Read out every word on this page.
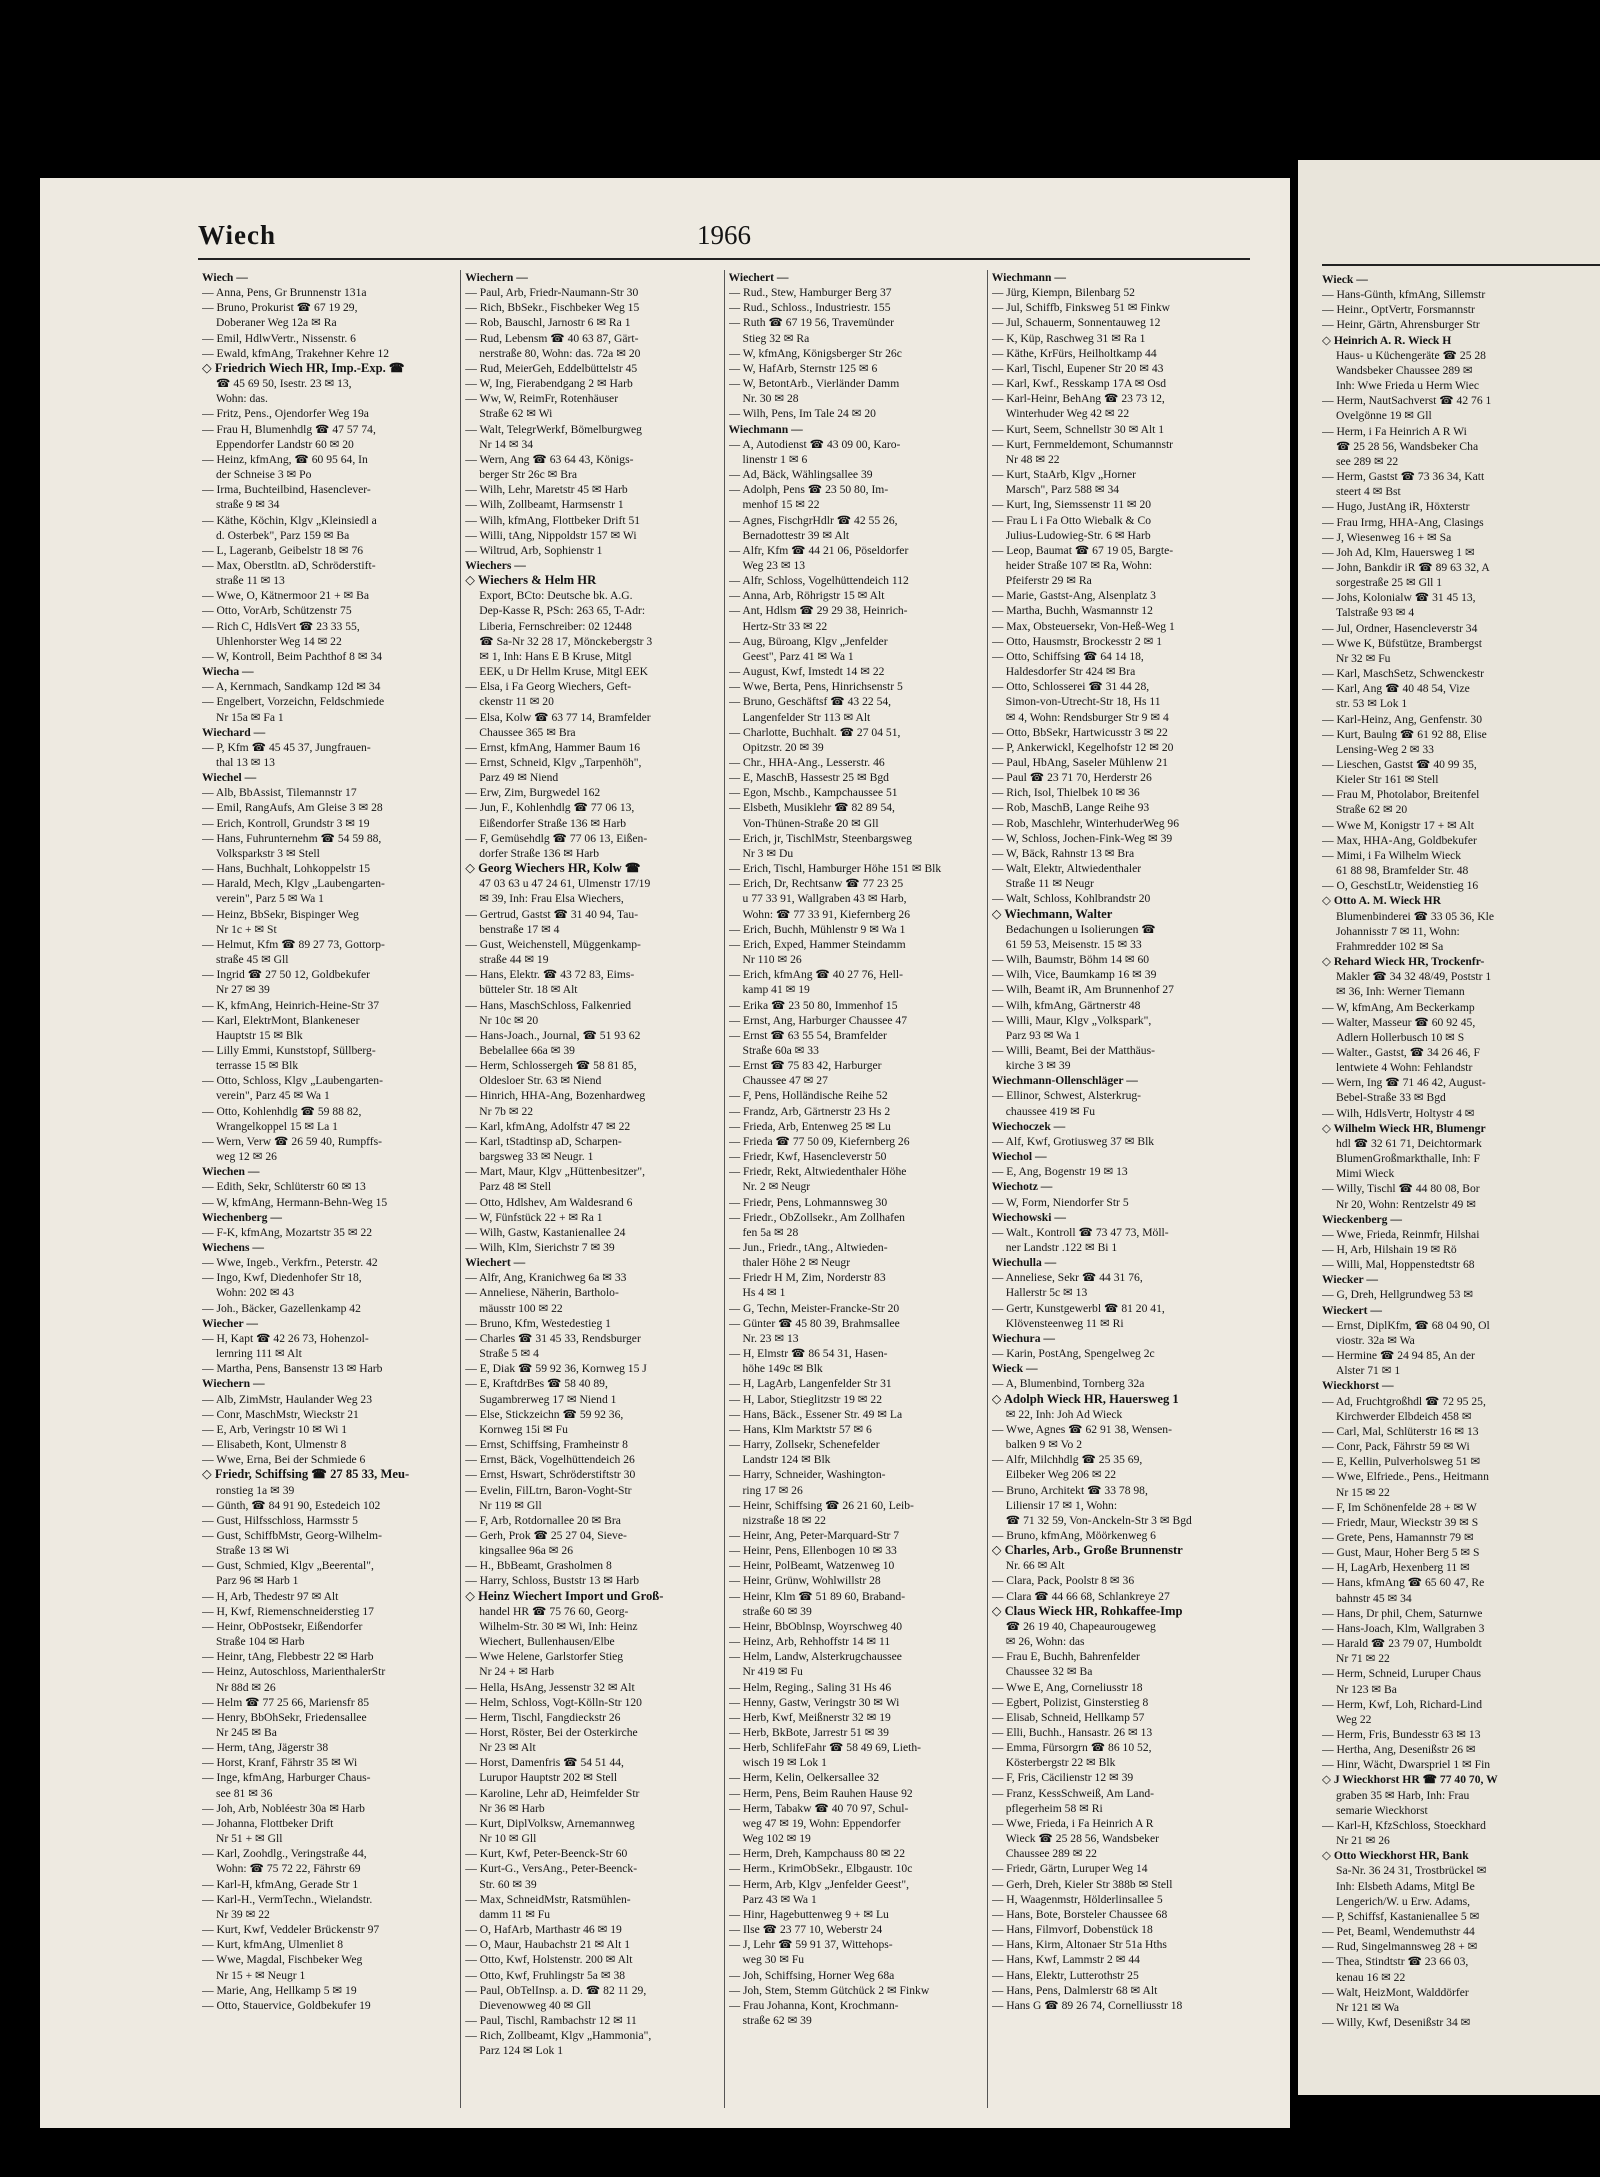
Wiech	1966
Wiech —
— Anna, Pens, Gr Brunnenstr 131a
— Bruno, Prokurist ☎ 67 19 29,
Doberaner Weg 12a ✉ Ra
— Emil, HdlwVertr., Nissenstr. 6
— Ewald, kfmAng, Trakehner Kehre 12
◇ Friedrich Wiech HR, Imp.-Exp. ☎
☎ 45 69 50, Isestr. 23 ✉ 13,
Wohn: das.
— Fritz, Pens., Ojendorfer Weg 19a
— Frau H, Blumenhdlg ☎ 47 57 74,
Eppendorfer Landstr 60 ✉ 20
— Heinz, kfmAng, ☎ 60 95 64, In
der Schneise 3 ✉ Po
— Irma, Buchteilbind, Hasenclever-
straße 9 ✉ 34
— Käthe, Köchin, Klgv „Kleinsiedl a
d. Osterbek", Parz 159 ✉ Ba
— L, Lageranb, Geibelstr 18 ✉ 76
— Max, Oberstltn. aD, Schröderstift-
straße 11 ✉ 13
— Wwe, O, Kätnermoor 21 + ✉ Ba
— Otto, VorArb, Schützenstr 75
— Rich C, HdlsVert ☎ 23 33 55,
Uhlenhorster Weg 14 ✉ 22
— W, Kontroll, Beim Pachthof 8 ✉ 34
Wiecha —
— A, Kernmach, Sandkamp 12d ✉ 34
— Engelbert, Vorzeichn, Feldschmiede
Nr 15a ✉ Fa 1
Wiechard —
— P, Kfm ☎ 45 45 37, Jungfrauen-
thal 13 ✉ 13
Wiechel —
— Alb, BbAssist, Tilemannstr 17
— Emil, RangAufs, Am Gleise 3 ✉ 28
— Erich, Kontroll, Grundstr 3 ✉ 19
— Hans, Fuhrunternehm ☎ 54 59 88,
Volksparkstr 3 ✉ Stell
— Hans, Buchhalt, Lohkoppelstr 15
— Harald, Mech, Klgv „Laubengarten-
verein", Parz 5 ✉ Wa 1
— Heinz, BbSekr, Bispinger Weg
Nr 1c + ✉ St
— Helmut, Kfm ☎ 89 27 73, Gottorp-
straße 45 ✉ Gll
— Ingrid ☎ 27 50 12, Goldbekufer
Nr 27 ✉ 39
— K, kfmAng, Heinrich-Heine-Str 37
— Karl, ElektrMont, Blankeneser
Hauptstr 15 ✉ Blk
— Lilly Emmi, Kunststopf, Süllberg-
terrasse 15 ✉ Blk
— Otto, Schloss, Klgv „Laubengarten-
verein", Parz 45 ✉ Wa 1
— Otto, Kohlenhdlg ☎ 59 88 82,
Wrangelkoppel 15 ✉ La 1
— Wern, Verw ☎ 26 59 40, Rumpffs-
weg 12 ✉ 26
Wiechen —
— Edith, Sekr, Schlüterstr 60 ✉ 13
— W, kfmAng, Hermann-Behn-Weg 15
Wiechenberg —
— F-K, kfmAng, Mozartstr 35 ✉ 22
Wiechens —
— Wwe, Ingeb., Verkfrn., Peterstr. 42
— Ingo, Kwf, Diedenhofer Str 18,
Wohn: 202 ✉ 43
— Joh., Bäcker, Gazellenkamp 42
Wiecher —
— H, Kapt ☎ 42 26 73, Hohenzol-
lernring 111 ✉ Alt
— Martha, Pens, Bansenstr 13 ✉ Harb
Wiechern —
— Alb, ZimMstr, Haulander Weg 23
— Conr, MaschMstr, Wieckstr 21
— E, Arb, Veringstr 10 ✉ Wi 1
— Elisabeth, Kont, Ulmenstr 8
— Wwe, Erna, Bei der Schmiede 6
◇ Friedr, Schiffsing ☎ 27 85 33, Meu-
ronstieg 1a ✉ 39
— Günth, ☎ 84 91 90, Estedeich 102
— Gust, Hilfsschloss, Harmsstr 5
— Gust, SchiffbMstr, Georg-Wilhelm-
Straße 13 ✉ Wi
— Gust, Schmied, Klgv „Beerental",
Parz 96 ✉ Harb 1
— H, Arb, Thedestr 97 ✉ Alt
— H, Kwf, Riemenschneiderstieg 17
— Heinr, ObPostsekr, Eißendorfer
Straße 104 ✉ Harb
— Heinr, tAng, Flebbestr 22 ✉ Harb
— Heinz, Autoschloss, MarienthalerStr
Nr 88d ✉ 26
— Helm ☎ 77 25 66, Mariensfr 85
— Henry, BbOhSekr, Friedensallee
Nr 245 ✉ Ba
— Herm, tAng, Jägerstr 38
— Horst, Kranf, Fährstr 35 ✉ Wi
— Inge, kfmAng, Harburger Chaus-
see 81 ✉ 36
— Joh, Arb, Nobléestr 30a ✉ Harb
— Johanna, Flottbeker Drift
Nr 51 + ✉ Gll
— Karl, Zoohdlg., Veringstraße 44,
Wohn: ☎ 75 72 22, Fährstr 69
— Karl-H, kfmAng, Gerade Str 1
— Karl-H., VermTechn., Wielandstr.
Nr 39 ✉ 22
— Kurt, Kwf, Veddeler Brückenstr 97
— Kurt, kfmAng, Ulmenliet 8
— Wwe, Magdal, Fischbeker Weg
Nr 15 + ✉ Neugr 1
— Marie, Ang, Hellkamp 5 ✉ 19
— Otto, Stauervice, Goldbekufer 19
Wiechern —
— Paul, Arb, Friedr-Naumann-Str 30
— Rich, BbSekr., Fischbeker Weg 15
— Rob, Bauschl, Jarnostr 6 ✉ Ra 1
— Rud, Lebensm ☎ 40 63 87, Gärt-
nerstraße 80, Wohn: das. 72a ✉ 20
— Rud, MeierGeh, Eddelbüttelstr 45
— W, Ing, Fierabendgang 2 ✉ Harb
— Ww, W, ReimFr, Rotenhäuser
Straße 62 ✉ Wi
— Walt, TelegrWerkf, Bömelburgweg
Nr 14 ✉ 34
— Wern, Ang ☎ 63 64 43, Königs-
berger Str 26c ✉ Bra
— Wilh, Lehr, Maretstr 45 ✉ Harb
— Wilh, Zollbeamt, Harmsenstr 1
— Wilh, kfmAng, Flottbeker Drift 51
— Willi, tAng, Nippoldstr 157 ✉ Wi
— Wiltrud, Arb, Sophienstr 1
Wiechers —
◇ Wiechers & Helm HR
Export, BCto: Deutsche bk. A.G.
Dep-Kasse R, PSch: 263 65, T-Adr:
Liberia, Fernschreiber: 02 12448
☎ Sa-Nr 32 28 17, Mönckebergstr 3
✉ 1, Inh: Hans E B Kruse, Mitgl
EEK, u Dr Hellm Kruse, Mitgl EEK
— Elsa, i Fa Georg Wiechers, Geft-
ckenstr 11 ✉ 20
— Elsa, Kolw ☎ 63 77 14, Bramfelder
Chaussee 365 ✉ Bra
— Ernst, kfmAng, Hammer Baum 16
— Ernst, Schneid, Klgv „Tarpenhöh",
Parz 49 ✉ Niend
— Erw, Zim, Burgwedel 162
— Jun, F., Kohlenhdlg ☎ 77 06 13,
Eißendorfer Straße 136 ✉ Harb
— F, Gemüsehdlg ☎ 77 06 13, Eißen-
dorfer Straße 136 ✉ Harb
◇ Georg Wiechers HR, Kolw ☎
47 03 63 u 47 24 61, Ulmenstr 17/19
✉ 39, Inh: Frau Elsa Wiechers,
— Gertrud, Gastst ☎ 31 40 94, Tau-
benstraße 17 ✉ 4
— Gust, Weichenstell, Müggenkamp-
straße 44 ✉ 19
— Hans, Elektr. ☎ 43 72 83, Eims-
bütteler Str. 18 ✉ Alt
— Hans, MaschSchloss, Falkenried
Nr 10c ✉ 20
— Hans-Joach., Journal, ☎ 51 93 62
Bebelallee 66a ✉ 39
— Herm, Schlossergeh ☎ 58 81 85,
Oldesloer Str. 63 ✉ Niend
— Hinrich, HHA-Ang, Bozenhardweg
Nr 7b ✉ 22
— Karl, kfmAng, Adolfstr 47 ✉ 22
— Karl, tStadtinsp aD, Scharpen-
bargsweg 33 ✉ Neugr. 1
— Mart, Maur, Klgv „Hüttenbesitzer",
Parz 48 ✉ Stell
— Otto, Hdlshev, Am Waldesrand 6
— W, Fünfstück 22 + ✉ Ra 1
— Wilh, Gastw, Kastanienallee 24
— Wilh, Klm, Sierichstr 7 ✉ 39
Wiechert —
— Alfr, Ang, Kranichweg 6a ✉ 33
— Anneliese, Näherin, Bartholo-
mäusstr 100 ✉ 22
— Bruno, Kfm, Westedestieg 1
— Charles ☎ 31 45 33, Rendsburger
Straße 5 ✉ 4
— E, Diak ☎ 59 92 36, Kornweg 15 J
— E, KraftdrBes ☎ 58 40 89,
Sugambrerweg 17 ✉ Niend 1
— Else, Stickzeichn ☎ 59 92 36,
Kornweg 15i ✉ Fu
— Ernst, Schiffsing, Framheinstr 8
— Ernst, Bäck, Vogelhüttendeich 26
— Ernst, Hswart, Schröderstiftstr 30
— Evelin, FilLtrn, Baron-Voght-Str
Nr 119 ✉ Gll
— F, Arb, Rotdornallee 20 ✉ Bra
— Gerh, Prok ☎ 25 27 04, Sieve-
kingsallee 96a ✉ 26
— H., BbBeamt, Grasholmen 8
— Harry, Schloss, Buststr 13 ✉ Harb
◇ Heinz Wiechert Import und Groß-
handel HR ☎ 75 76 60, Georg-
Wilhelm-Str. 30 ✉ Wi, Inh: Heinz
Wiechert, Bullenhausen/Elbe
— Wwe Helene, Garlstorfer Stieg
Nr 24 + ✉ Harb
— Hella, HsAng, Jessenstr 32 ✉ Alt
— Helm, Schloss, Vogt-Kölln-Str 120
— Herm, Tischl, Fangdieckstr 26
— Horst, Röster, Bei der Osterkirche
Nr 23 ✉ Alt
— Horst, Damenfris ☎ 54 51 44,
Lurupor Hauptstr 202 ✉ Stell
— Karoline, Lehr aD, Heimfelder Str
Nr 36 ✉ Harb
— Kurt, DiplVolksw, Arnemannweg
Nr 10 ✉ Gll
— Kurt, Kwf, Peter-Beenck-Str 60
— Kurt-G., VersAng., Peter-Beenck-
Str. 60 ✉ 39
— Max, SchneidMstr, Ratsmühlen-
damm 11 ✉ Fu
— O, HafArb, Marthastr 46 ✉ 19
— O, Maur, Haubachstr 21 ✉ Alt 1
— Otto, Kwf, Holstenstr. 200 ✉ Alt
— Otto, Kwf, Fruhlingstr 5a ✉ 38
— Paul, ObTelInsp. a. D. ☎ 82 11 29,
Dievenowweg 40 ✉ Gll
— Paul, Tischl, Rambachstr 12 ✉ 11
— Rich, Zollbeamt, Klgv „Hammonia",
Parz 124 ✉ Lok 1
Wiechert —
— Rud., Stew, Hamburger Berg 37
— Rud., Schloss., Industriestr. 155
— Ruth ☎ 67 19 56, Travemünder
Stieg 32 ✉ Ra
— W, kfmAng, Königsberger Str 26c
— W, HafArb, Sternstr 125 ✉ 6
— W, BetontArb., Vierländer Damm
Nr. 30 ✉ 28
— Wilh, Pens, Im Tale 24 ✉ 20
Wiechmann —
— A, Autodienst ☎ 43 09 00, Karo-
linenstr 1 ✉ 6
— Ad, Bäck, Wählingsallee 39
— Adolph, Pens ☎ 23 50 80, Im-
menhof 15 ✉ 22
— Agnes, FischgrHdlr ☎ 42 55 26,
Bernadottestr 39 ✉ Alt
— Alfr, Kfm ☎ 44 21 06, Pöseldorfer
Weg 23 ✉ 13
— Alfr, Schloss, Vogelhüttendeich 112
— Anna, Arb, Röhrigstr 15 ✉ Alt
— Ant, Hdlsm ☎ 29 29 38, Heinrich-
Hertz-Str 33 ✉ 22
— Aug, Büroang, Klgv „Jenfelder
Geest", Parz 41 ✉ Wa 1
— August, Kwf, Imstedt 14 ✉ 22
— Wwe, Berta, Pens, Hinrichsenstr 5
— Bruno, Geschäftsf ☎ 43 22 54,
Langenfelder Str 113 ✉ Alt
— Charlotte, Buchhalt. ☎ 27 04 51,
Opitzstr. 20 ✉ 39
— Chr., HHA-Ang., Lesserstr. 46
— E, MaschB, Hassestr 25 ✉ Bgd
— Egon, Mschb., Kampchaussee 51
— Elsbeth, Musiklehr ☎ 82 89 54,
Von-Thünen-Straße 20 ✉ Gll
— Erich, jr, TischlMstr, Steenbargsweg
Nr 3 ✉ Du
— Erich, Tischl, Hamburger Höhe 151 ✉ Blk
— Erich, Dr, Rechtsanw ☎ 77 23 25
u 77 33 91, Wallgraben 43 ✉ Harb,
Wohn: ☎ 77 33 91, Kiefernberg 26
— Erich, Buchh, Mühlenstr 9 ✉ Wa 1
— Erich, Exped, Hammer Steindamm
Nr 110 ✉ 26
— Erich, kfmAng ☎ 40 27 76, Hell-
kamp 41 ✉ 19
— Erika ☎ 23 50 80, Immenhof 15
— Ernst, Ang, Harburger Chaussee 47
— Ernst ☎ 63 55 54, Bramfelder
Straße 60a ✉ 33
— Ernst ☎ 75 83 42, Harburger
Chaussee 47 ✉ 27
— F, Pens, Holländische Reihe 52
— Frandz, Arb, Gärtnerstr 23 Hs 2
— Frieda, Arb, Entenweg 25 ✉ Lu
— Frieda ☎ 77 50 09, Kiefernberg 26
— Friedr, Kwf, Hasencleverstr 50
— Friedr, Rekt, Altwiedenthaler Höhe
Nr. 2 ✉ Neugr
— Friedr, Pens, Lohmannsweg 30
— Friedr., ObZollsekr., Am Zollhafen
fen 5a ✉ 28
— Jun., Friedr., tAng., Altwieden-
thaler Höhe 2 ✉ Neugr
— Friedr H M, Zim, Norderstr 83
Hs 4 ✉ 1
— G, Techn, Meister-Francke-Str 20
— Günter ☎ 45 80 39, Brahmsallee
Nr. 23 ✉ 13
— H, Elmstr ☎ 86 54 31, Hasen-
höhe 149c ✉ Blk
— H, LagArb, Langenfelder Str 31
— H, Labor, Stieglitzstr 19 ✉ 22
— Hans, Bäck., Essener Str. 49 ✉ La
— Hans, Klm Marktstr 57 ✉ 6
— Harry, Zollsekr, Schenefelder
Landstr 124 ✉ Blk
— Harry, Schneider, Washington-
ring 17 ✉ 26
— Heinr, Schiffsing ☎ 26 21 60, Leib-
nizstraße 18 ✉ 22
— Heinr, Ang, Peter-Marquard-Str 7
— Heinr, Pens, Ellenbogen 10 ✉ 33
— Heinr, PolBeamt, Watzenweg 10
— Heinr, Grünw, Wohlwillstr 28
— Heinr, Klm ☎ 51 89 60, Braband-
straße 60 ✉ 39
— Heinr, BbOblnsp, Woyrschweg 40
— Heinz, Arb, Rehhoffstr 14 ✉ 11
— Helm, Landw, Alsterkrugchaussee
Nr 419 ✉ Fu
— Helm, Reging., Saling 31 Hs 46
— Henny, Gastw, Veringstr 30 ✉ Wi
— Herb, Kwf, Meißnerstr 32 ✉ 19
— Herb, BkBote, Jarrestr 51 ✉ 39
— Herb, SchlifeFahr ☎ 58 49 69, Lieth-
wisch 19 ✉ Lok 1
— Herm, Kelin, Oelkersallee 32
— Herm, Pens, Beim Rauhen Hause 92
— Herm, Tabakw ☎ 40 70 97, Schul-
weg 47 ✉ 19, Wohn: Eppendorfer
Weg 102 ✉ 19
— Herm, Dreh, Kampchauss 80 ✉ 22
— Herm., KrimObSekr., Elbgaustr. 10c
— Herm, Arb, Klgv „Jenfelder Geest",
Parz 43 ✉ Wa 1
— Hinr, Hagebuttenweg 9 + ✉ Lu
— Ilse ☎ 23 77 10, Weberstr 24
— J, Lehr ☎ 59 91 37, Wittehops-
weg 30 ✉ Fu
— Joh, Schiffsing, Horner Weg 68a
— Joh, Stem, Stemm Gütchück 2 ✉ Finkw
— Frau Johanna, Kont, Krochmann-
straße 62 ✉ 39
Wiechmann —
— Jürg, Kiempn, Bilenbarg 52
— Jul, Schiffb, Finksweg 51 ✉ Finkw
— Jul, Schauerm, Sonnentauweg 12
— K, Küp, Raschweg 31 ✉ Ra 1
— Käthe, KrFürs, Heilholtkamp 44
— Karl, Tischl, Eupener Str 20 ✉ 43
— Karl, Kwf., Resskamp 17A ✉ Osd
— Karl-Heinr, BehAng ☎ 23 73 12,
Winterhuder Weg 42 ✉ 22
— Kurt, Seem, Schnellstr 30 ✉ Alt 1
— Kurt, Fernmeldemont, Schumannstr
Nr 48 ✉ 22
— Kurt, StaArb, Klgv „Horner
Marsch", Parz 588 ✉ 34
— Kurt, Ing, Siemssenstr 11 ✉ 20
— Frau L i Fa Otto Wiebalk & Co
Julius-Ludowieg-Str. 6 ✉ Harb
— Leop, Baumat ☎ 67 19 05, Bargte-
heider Straße 107 ✉ Ra, Wohn:
Pfeiferstr 29 ✉ Ra
— Marie, Gastst-Ang, Alsenplatz 3
— Martha, Buchh, Wasmannstr 12
— Max, Obsteuersekr, Von-Heß-Weg 1
— Otto, Hausmstr, Brockesstr 2 ✉ 1
— Otto, Schiffsing ☎ 64 14 18,
Haldesdorfer Str 424 ✉ Bra
— Otto, Schlosserei ☎ 31 44 28,
Simon-von-Utrecht-Str 18, Hs 11
✉ 4, Wohn: Rendsburger Str 9 ✉ 4
— Otto, BbSekr, Hartwicusstr 3 ✉ 22
— P, Ankerwickl, Kegelhofstr 12 ✉ 20
— Paul, HbAng, Saseler Mühlenw 21
— Paul ☎ 23 71 70, Herderstr 26
— Rich, Isol, Thielbek 10 ✉ 36
— Rob, MaschB, Lange Reihe 93
— Rob, Maschlehr, WinterhuderWeg 96
— W, Schloss, Jochen-Fink-Weg ✉ 39
— W, Bäck, Rahnstr 13 ✉ Bra
— Walt, Elektr, Altwiedenthaler
Straße 11 ✉ Neugr
— Walt, Schloss, Kohlbrandstr 20
◇ Wiechmann, Walter
Bedachungen u Isolierungen ☎
61 59 53, Meisenstr. 15 ✉ 33
— Wilh, Baumstr, Böhm 14 ✉ 60
— Wilh, Vice, Baumkamp 16 ✉ 39
— Wilh, Beamt iR, Am Brunnenhof 27
— Wilh, kfmAng, Gärtnerstr 48
— Willi, Maur, Klgv „Volkspark",
Parz 93 ✉ Wa 1
— Willi, Beamt, Bei der Matthäus-
kirche 3 ✉ 39
Wiechmann-Ollenschläger —
— Ellinor, Schwest, Alsterkrug-
chaussee 419 ✉ Fu
Wiechoczek —
— Alf, Kwf, Grotiusweg 37 ✉ Blk
Wiechol —
— E, Ang, Bogenstr 19 ✉ 13
Wiechotz —
— W, Form, Niendorfer Str 5
Wiechowski —
— Walt., Kontroll ☎ 73 47 73, Möll-
ner Landstr .122 ✉ Bi 1
Wiechulla —
— Anneliese, Sekr ☎ 44 31 76,
Hallerstr 5c ✉ 13
— Gertr, Kunstgewerbl ☎ 81 20 41,
Klövensteenweg 11 ✉ Ri
Wiechura —
— Karin, PostAng, Spengelweg 2c
Wieck —
— A, Blumenbind, Tornberg 32a
◇ Adolph Wieck HR, Hauersweg 1
✉ 22, Inh: Joh Ad Wieck
— Wwe, Agnes ☎ 62 91 38, Wensen-
balken 9 ✉ Vo 2
— Alfr, Milchhdlg ☎ 25 35 69,
Eilbeker Weg 206 ✉ 22
— Bruno, Architekt ☎ 33 78 98,
Liliensir 17 ✉ 1, Wohn:
☎ 71 32 59, Von-Anckeln-Str 3 ✉ Bgd
— Bruno, kfmAng, Möörkenweg 6
◇ Charles, Arb., Große Brunnenstr
Nr. 66 ✉ Alt
— Clara, Pack, Poolstr 8 ✉ 36
— Clara ☎ 44 66 68, Schlankreye 27
◇ Claus Wieck HR, Rohkaffee-Imp
☎ 26 19 40, Chapeaurougeweg
✉ 26, Wohn: das
— Frau E, Buchh, Bahrenfelder
Chaussee 32 ✉ Ba
— Wwe E, Ang, Corneliusstr 18
— Egbert, Polizist, Ginsterstieg 8
— Elisab, Schneid, Hellkamp 57
— Elli, Buchh., Hansastr. 26 ✉ 13
— Emma, Fürsorgrn ☎ 86 10 52,
Kösterbergstr 22 ✉ Blk
— F, Fris, Cäcilienstr 12 ✉ 39
— Franz, KessSchweiß, Am Land-
pflegerheim 58 ✉ Ri
— Wwe, Frieda, i Fa Heinrich A R
Wieck ☎ 25 28 56, Wandsbeker
Chaussee 289 ✉ 22
— Friedr, Gärtn, Luruper Weg 14
— Gerh, Dreh, Kieler Str 388b ✉ Stell
— H, Waagenmstr, Hölderlinsallee 5
— Hans, Bote, Borsteler Chaussee 68
— Hans, Filmvorf, Dobenstück 18
— Hans, Kirm, Altonaer Str 51a Hths
— Hans, Kwf, Lammstr 2 ✉ 44
— Hans, Elektr, Lutterothstr 25
— Hans, Pens, Dalmlerstr 68 ✉ Alt
— Hans G ☎ 89 26 74, Cornelliusstr 18
Wieck —
— Hans-Günth, kfmAng, Sillemstr
— Heinr., OptVertr, Forsmannstr
— Heinr, Gärtn, Ahrensburger Str
◇ Heinrich A. R. Wieck H
Haus- u Küchengeräte ☎ 25 28
Wandsbeker Chaussee 289 ✉
Inh: Wwe Frieda u Herm Wiec
— Herm, NautSachverst ☎ 42 76 1
Ovelgönne 19 ✉ Gll
— Herm, i Fa Heinrich A R Wi
☎ 25 28 56, Wandsbeker Cha
see 289 ✉ 22
— Herm, Gastst ☎ 73 36 34, Katt
steert 4 ✉ Bst
— Hugo, JustAng iR, Höxterstr
— Frau Irmg, HHA-Ang, Clasings
— J, Wiesenweg 16 + ✉ Sa
— Joh Ad, Klm, Hauersweg 1 ✉
— John, Bankdir iR ☎ 89 63 32, A
sorgestraße 25 ✉ Gll 1
— Johs, Kolonialw ☎ 31 45 13,
Talstraße 93 ✉ 4
— Jul, Ordner, Hasencleverstr 34
— Wwe K, Büfstütze, Brambergst
Nr 32 ✉ Fu
— Karl, MaschSetz, Schwenckestr
— Karl, Ang ☎ 40 48 54, Vize
str. 53 ✉ Lok 1
— Karl-Heinz, Ang, Genfenstr. 30
— Kurt, Baulng ☎ 61 92 88, Elise
Lensing-Weg 2 ✉ 33
— Lieschen, Gastst ☎ 40 99 35,
Kieler Str 161 ✉ Stell
— Frau M, Photolabor, Breitenfel
Straße 62 ✉ 20
— Wwe M, Konigstr 17 + ✉ Alt
— Max, HHA-Ang, Goldbekufer
— Mimi, i Fa Wilhelm Wieck
61 88 98, Bramfelder Str. 48
— O, GeschstLtr, Weidenstieg 16
◇ Otto A. M. Wieck HR
Blumenbinderei ☎ 33 05 36, Kle
Johannisstr 7 ✉ 11, Wohn:
Frahmredder 102 ✉ Sa
◇ Rehard Wieck HR, Trockenfr-
Makler ☎ 34 32 48/49, Poststr 1
✉ 36, Inh: Werner Tiemann
— W, kfmAng, Am Beckerkamp
— Walter, Masseur ☎ 60 92 45,
Adlern Hollerbusch 10 ✉ S
— Walter., Gastst, ☎ 34 26 46, F
lentwiete 4 Wohn: Fehlandstr
— Wern, Ing ☎ 71 46 42, August-
Bebel-Straße 33 ✉ Bgd
— Wilh, HdlsVertr, Holtystr 4 ✉
◇ Wilhelm Wieck HR, Blumengr
hdl ☎ 32 61 71, Deichtormark
BlumenGroßmarkthalle, Inh: F
Mimi Wieck
— Willy, Tischl ☎ 44 80 08, Bor
Nr 20, Wohn: Rentzelstr 49 ✉
Wieckenberg —
— Wwe, Frieda, Reinmfr, Hilshai
— H, Arb, Hilshain 19 ✉ Rö
— Willi, Mal, Hoppenstedtstr 68
Wiecker —
— G, Dreh, Hellgrundweg 53 ✉
Wieckert —
— Ernst, DiplKfm, ☎ 68 04 90, Ol
viostr. 32a ✉ Wa
— Hermine ☎ 24 94 85, An der
Alster 71 ✉ 1
Wieckhorst —
— Ad, Fruchtgroßhdl ☎ 72 95 25,
Kirchwerder Elbdeich 458 ✉
— Carl, Mal, Schlüterstr 16 ✉ 13
— Conr, Pack, Fährstr 59 ✉ Wi
— E, Kellin, Pulverholsweg 51 ✉
— Wwe, Elfriede., Pens., Heitmann
Nr 15 ✉ 22
— F, Im Schönenfelde 28 + ✉ W
— Friedr, Maur, Wieckstr 39 ✉ S
— Grete, Pens, Hamannstr 79 ✉
— Gust, Maur, Hoher Berg 5 ✉ S
— H, LagArb, Hexenberg 11 ✉
— Hans, kfmAng ☎ 65 60 47, Re
bahnstr 45 ✉ 34
— Hans, Dr phil, Chem, Saturnwe
— Hans-Joach, Klm, Wallgraben 3
— Harald ☎ 23 79 07, Humboldt
Nr 71 ✉ 22
— Herm, Schneid, Luruper Chaus
Nr 123 ✉ Ba
— Herm, Kwf, Loh, Richard-Lind
Weg 22
— Herm, Fris, Bundesstr 63 ✉ 13
— Hertha, Ang, Desenißstr 26 ✉
— Hinr, Wächt, Dwarspriel 1 ✉ Fin
◇ J Wieckhorst HR ☎ 77 40 70, W
graben 35 ✉ Harb, Inh: Frau
semarie Wieckhorst
— Karl-H, KfzSchloss, Stoeckhard
Nr 21 ✉ 26
◇ Otto Wieckhorst HR, Bank
Sa-Nr. 36 24 31, Trostbrückel ✉
Inh: Elsbeth Adams, Mitgl Be
Lengerich/W. u Erw. Adams,
— P, Schiffsf, Kastanienallee 5 ✉
— Pet, Beaml, Wendemuthstr 44
— Rud, Singelmannsweg 28 + ✉
— Thea, Stindtstr ☎ 23 66 03,
kenau 16 ✉ 22
— Walt, HeizMont, Walddörfer
Nr 121 ✉ Wa
— Willy, Kwf, Desenißstr 34 ✉
